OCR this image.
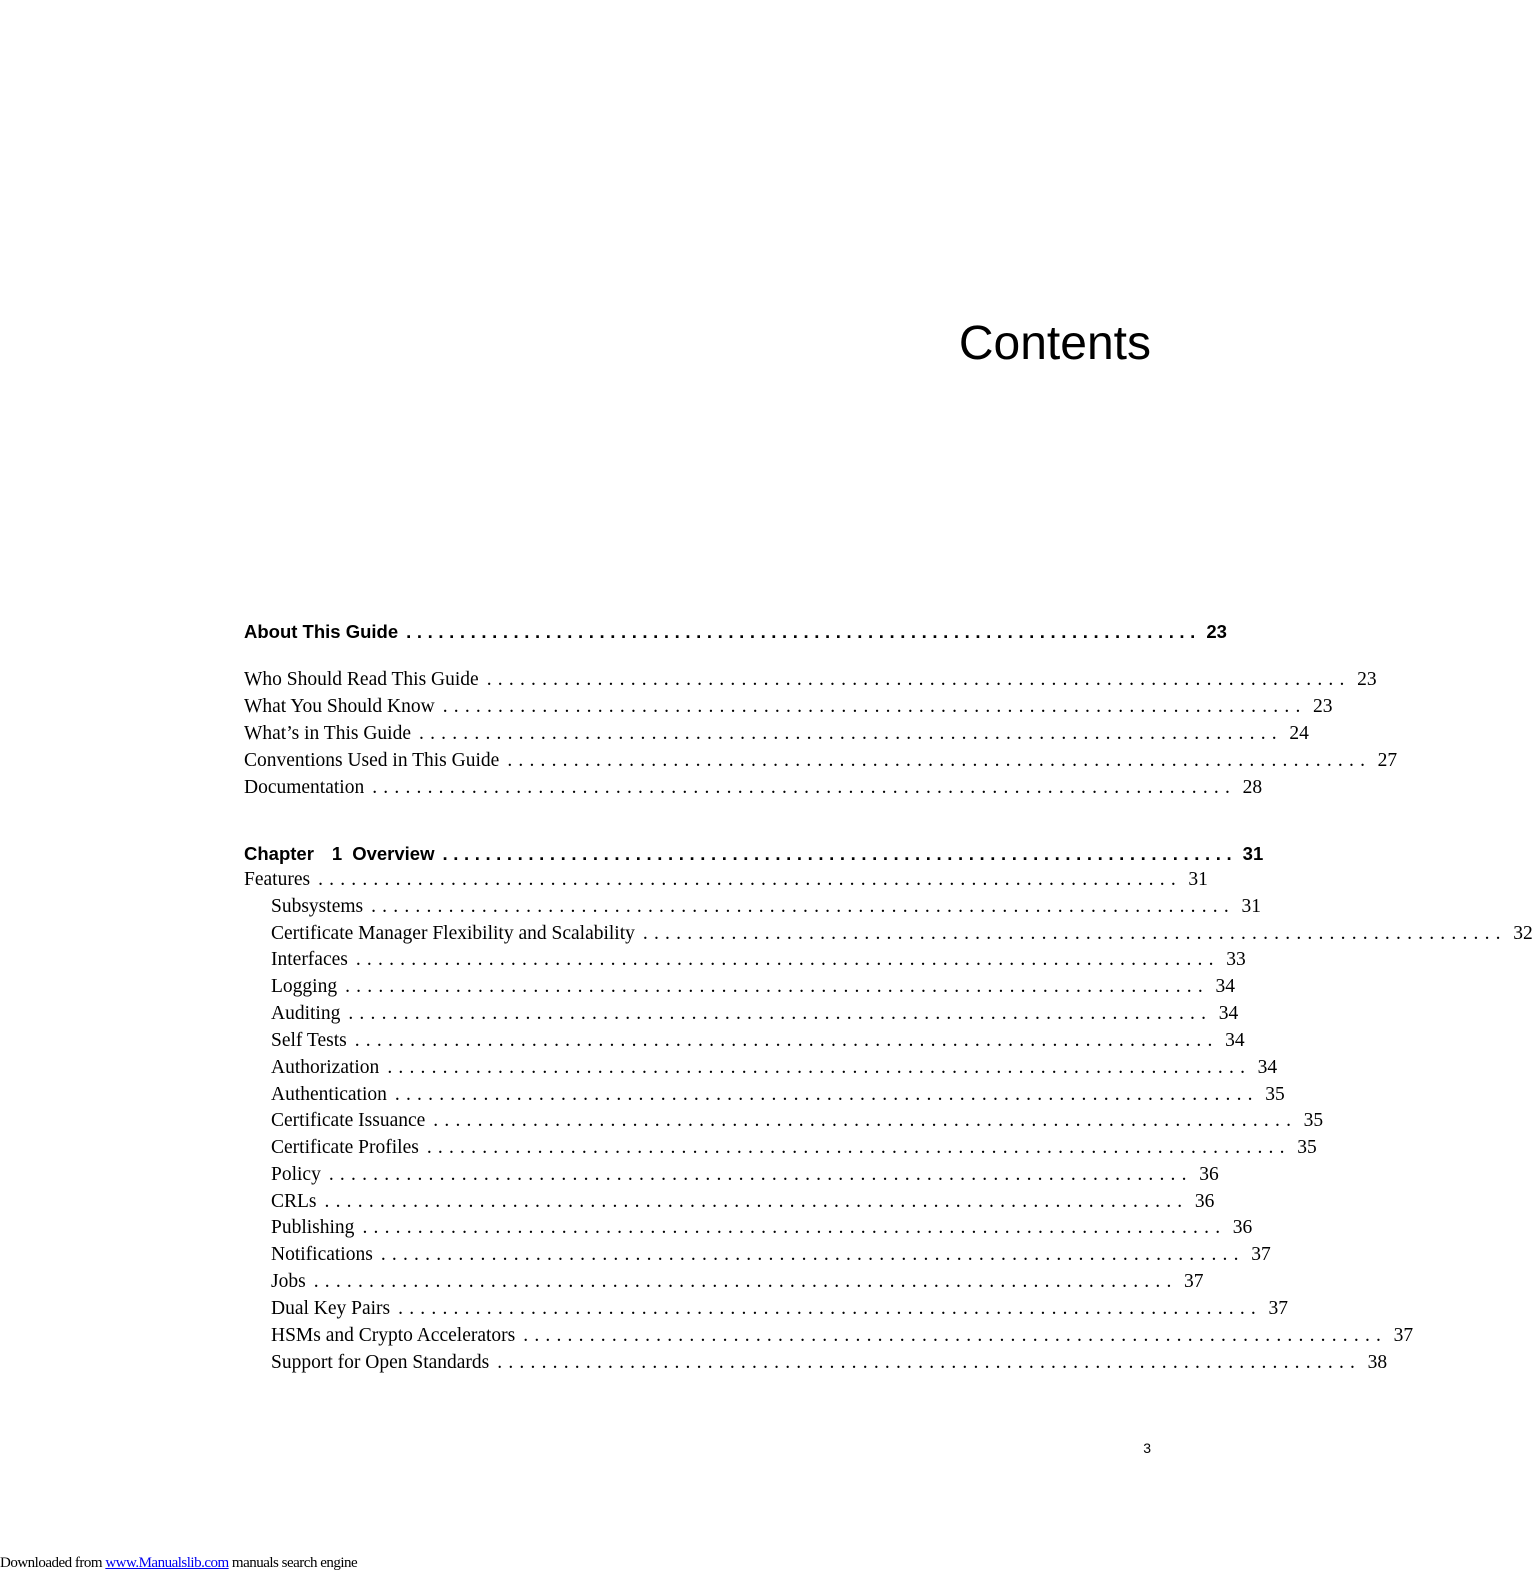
Contents
About This Guide .......................................................................... 23
Who Should Read This Guide .............................................................................. 23
What You Should Know .............................................................................. 23
What’s in This Guide .............................................................................. 24
Conventions Used in This Guide .............................................................................. 27
Documentation .............................................................................. 28
Chapter 1 Overview .......................................................................... 31
Features .............................................................................. 31
Subsystems .............................................................................. 31
Certificate Manager Flexibility and Scalability .............................................................................. 32
Interfaces .............................................................................. 33
Logging .............................................................................. 34
Auditing .............................................................................. 34
Self Tests .............................................................................. 34
Authorization .............................................................................. 34
Authentication .............................................................................. 35
Certificate Issuance .............................................................................. 35
Certificate Profiles .............................................................................. 35
Policy .............................................................................. 36
CRLs .............................................................................. 36
Publishing .............................................................................. 36
Notifications .............................................................................. 37
Jobs .............................................................................. 37
Dual Key Pairs .............................................................................. 37
HSMs and Crypto Accelerators .............................................................................. 37
Support for Open Standards .............................................................................. 38
3
Downloaded from www.Manualslib.com manuals search engine
